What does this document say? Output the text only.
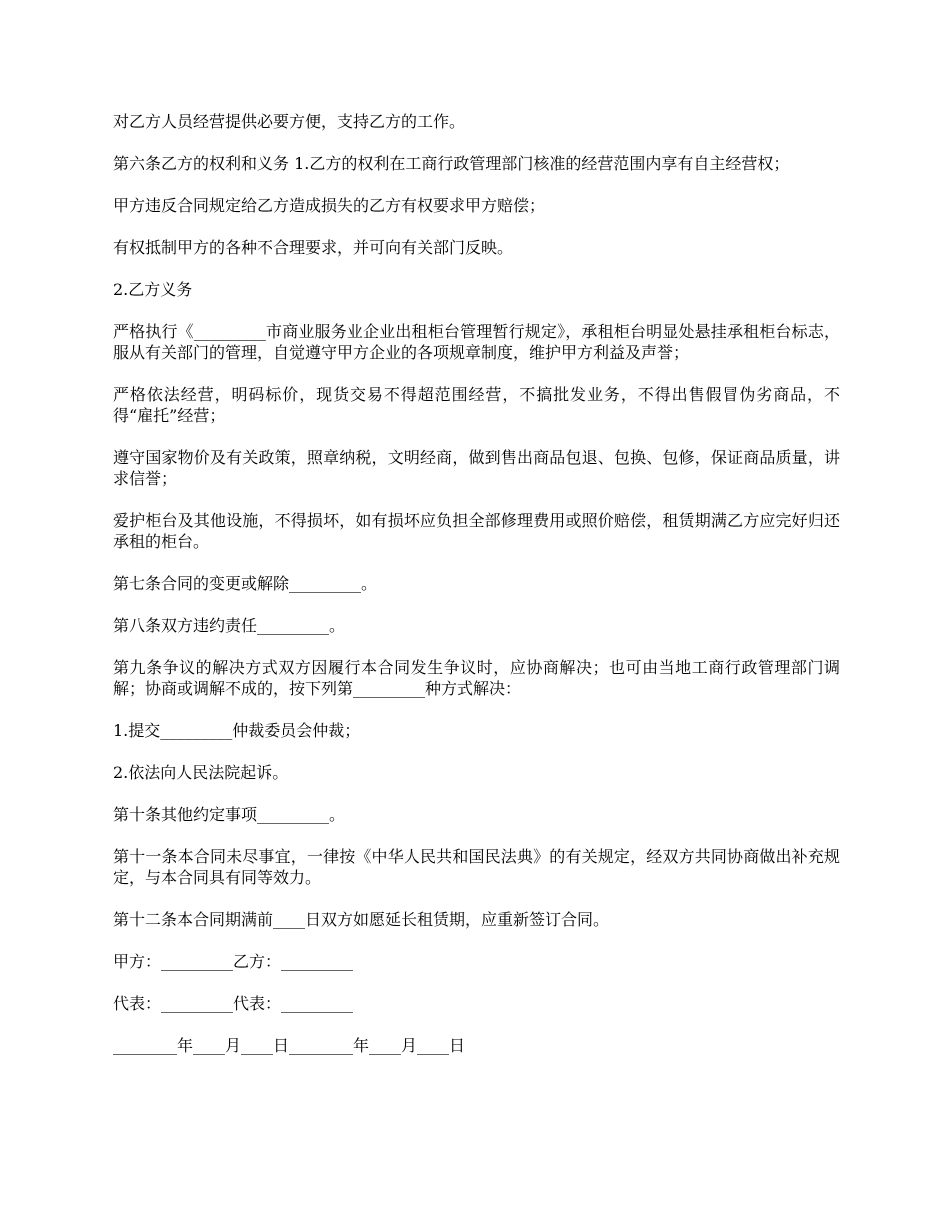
对乙方人员经营提供必要方便，支持乙方的工作。

第六条乙方的权利和义务 1.乙方的权利在工商行政管理部门核准的经营范围内享有自主经营权；

甲方违反合同规定给乙方造成损失的乙方有权要求甲方赔偿；

有权抵制甲方的各种不合理要求，并可向有关部门反映。

2.乙方义务

严格执行《_________市商业服务业企业出租柜台管理暂行规定》，承租柜台明显处悬挂承租柜台标志，服从有关部门的管理，自觉遵守甲方企业的各项规章制度，维护甲方利益及声誉；

严格依法经营，明码标价，现货交易不得超范围经营，不搞批发业务，不得出售假冒伪劣商品，不得“雇托”经营；

遵守国家物价及有关政策，照章纳税，文明经商，做到售出商品包退、包换、包修，保证商品质量，讲求信誉；

爱护柜台及其他设施，不得损坏，如有损坏应负担全部修理费用或照价赔偿，租赁期满乙方应完好归还承租的柜台。

第七条合同的变更或解除_________。

第八条双方违约责任_________。

第九条争议的解决方式双方因履行本合同发生争议时，应协商解决；也可由当地工商行政管理部门调解；协商或调解不成的，按下列第_________种方式解决：

1.提交_________仲裁委员会仲裁；

2.依法向人民法院起诉。

第十条其他约定事项_________。

第十一条本合同未尽事宜，一律按《中华人民共和国民法典》的有关规定，经双方共同协商做出补充规定，与本合同具有同等效力。

第十二条本合同期满前____日双方如愿延长租赁期，应重新签订合同。

甲方：_________乙方：_________

代表：_________代表：_________

________年____月____日________年____月____日
